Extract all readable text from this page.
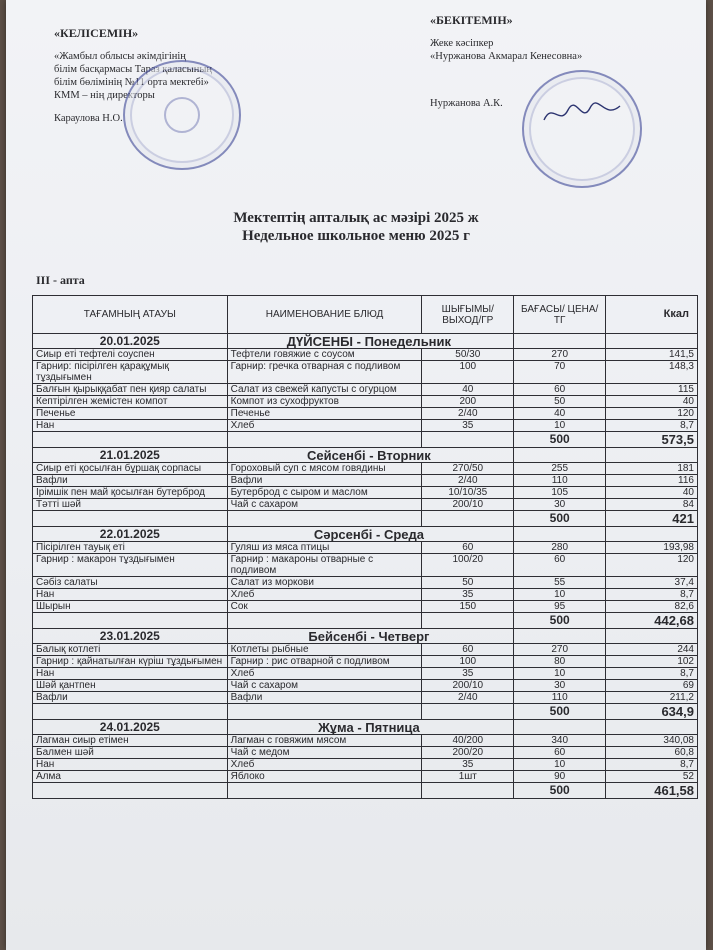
«КЕЛІСЕМІН»
«Жамбыл облысы әкімдігінің
білім басқармасы Тараз қаласының
білім бөлімінің №11 орта мектебі»
КММ – нің директоры
Караулова Н.О.
«БЕКІТЕМІН»
Жеке кәсіпкер
«Нуржанова Акмарал Кенесовна»
Нуржанова А.К.
Мектептің апталық ас мәзірі 2025 ж
Недельное школьное меню 2025 г
III - апта
ТАҒАМНЫҢ АТАУЫ	НАИМЕНОВАНИЕ БЛЮД	ШЫҒЫМЫ/ ВЫХОД/ГР	БАҒАСЫ/ ЦЕНА/ТГ	Ккал
20.01.2025	ДҮЙСЕНБІ - Понедельник			
Сиыр еті тефтелі соуспен	Тефтели говяжие с соусом	50/30	270	141,5
Гарнир: пісірілген қарақұмық тұздығымен	Гарнир: гречка отварная с подливом	100	70	148,3
Балғын қырыққабат пен қияр салаты	Салат из свежей капусты с огурцом	40	60	115
Кептірілген жемістен компот	Компот из сухофруктов	200	50	40
Печенье	Печенье	2/40	40	120
Нан	Хлеб	35	10	8,7
			500	573,5
21.01.2025	Сейсенбі - Вторник			
Сиыр еті қосылған бұршақ сорпасы	Гороховый суп с мясом говядины	270/50	255	181
Вафли	Вафли	2/40	110	116
Ірімшік пен май қосылған бутерброд	Бутерброд с сыром и маслом	10/10/35	105	40
Тәтті шәй	Чай с сахаром	200/10	30	84
			500	421
22.01.2025	Сәрсенбі - Среда			
Пісірілген тауық еті	Гуляш из мяса птицы	60	280	193,98
Гарнир : макарон тұздығымен	Гарнир : макароны отварные с подливом	100/20	60	120
Сәбіз салаты	Салат из моркови	50	55	37,4
Нан	Хлеб	35	10	8,7
Шырын	Сок	150	95	82,6
			500	442,68
23.01.2025	Бейсенбі - Четверг			
Балық котлеті	Котлеты рыбные	60	270	244
Гарнир : қайнатылған күріш тұздығымен	Гарнир : рис отварной с подливом	100	80	102
Нан	Хлеб	35	10	8,7
Шәй қантпен	Чай с сахаром	200/10	30	69
Вафли	Вафли	2/40	110	211,2
			500	634,9
24.01.2025	Жұма - Пятница			
Лагман сиыр етімен	Лагман с говяжим мясом	40/200	340	340,08
Балмен шәй	Чай с медом	200/20	60	60,8
Нан	Хлеб	35	10	8,7
Алма	Яблоко	1шт	90	52
			500	461,58
